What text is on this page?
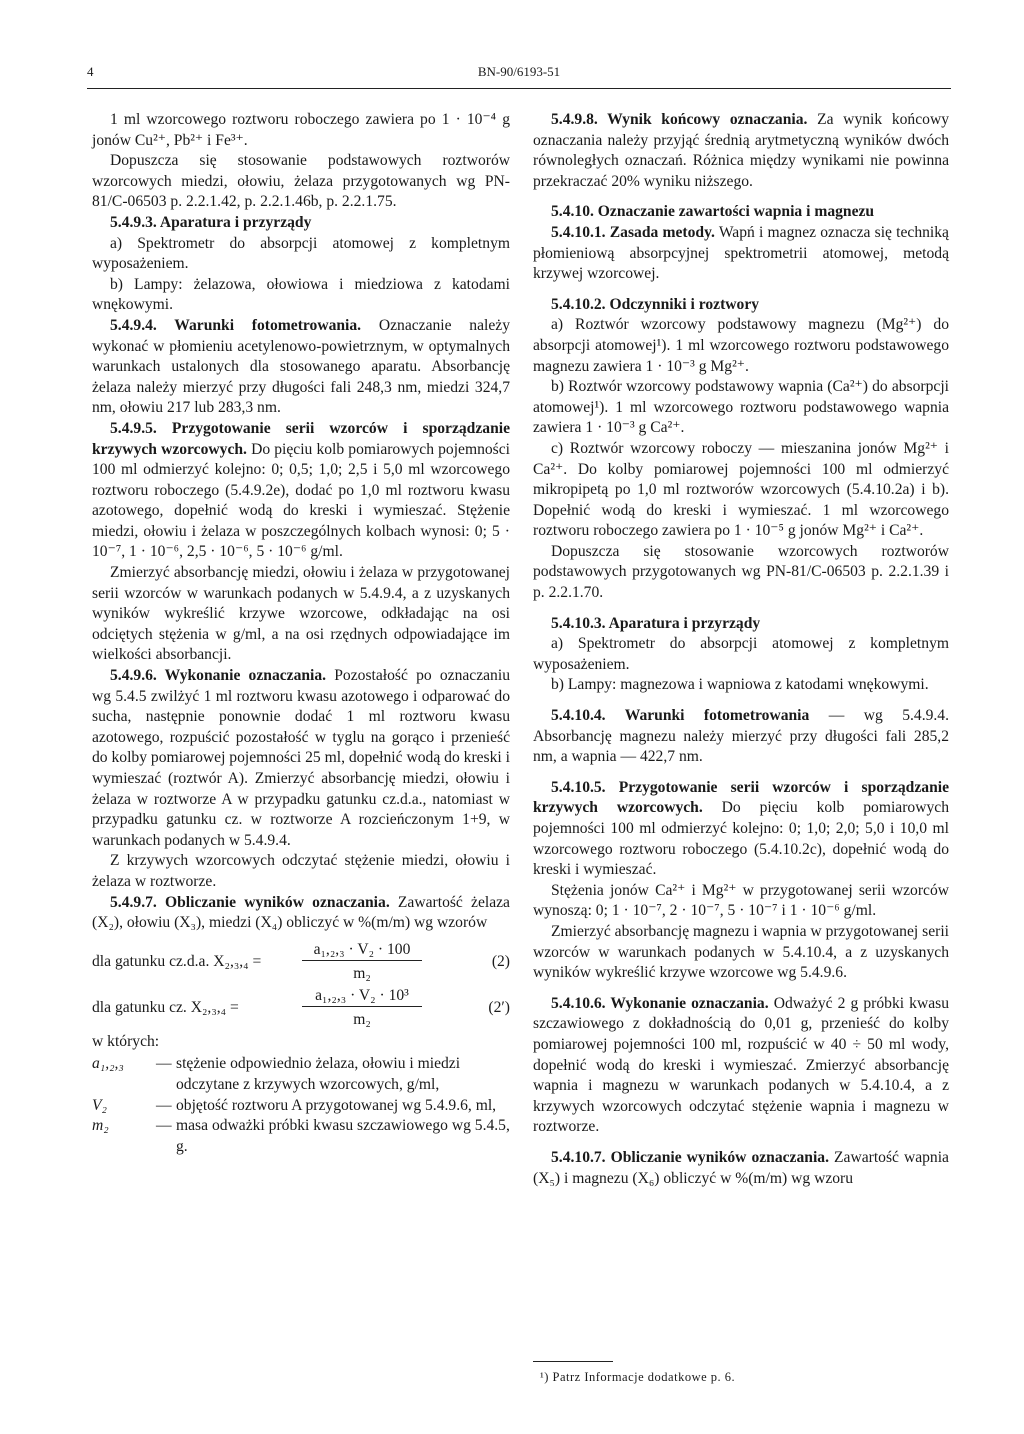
4	BN-90/6193-51

1 ml wzorcowego roztworu roboczego zawiera po 1 · 10⁻⁴ g jonów Cu²⁺, Pb²⁺ i Fe³⁺.

Dopuszcza się stosowanie podstawowych roztworów wzorcowych miedzi, ołowiu, żelaza przygotowanych wg PN-81/C-06503 p. 2.2.1.42, p. 2.2.1.46b, p. 2.2.1.75.

5.4.9.3. Aparatura i przyrządy

a) Spektrometr do absorpcji atomowej z kompletnym wyposażeniem.

b) Lampy: żelazowa, ołowiowa i miedziowa z katodami wnękowymi.

5.4.9.4. Warunki fotometrowania. Oznaczanie należy wykonać w płomieniu acetylenowo-powietrznym, w optymalnych warunkach ustalonych dla stosowanego aparatu. Absorbancję żelaza należy mierzyć przy długości fali 248,3 nm, miedzi 324,7 nm, ołowiu 217 lub 283,3 nm.

5.4.9.5. Przygotowanie serii wzorców i sporządzanie krzywych wzorcowych. Do pięciu kolb pomiarowych pojemności 100 ml odmierzyć kolejno: 0; 0,5; 1,0; 2,5 i 5,0 ml wzorcowego roztworu roboczego (5.4.9.2e), dodać po 1,0 ml roztworu kwasu azotowego, dopełnić wodą do kreski i wymieszać. Stężenie miedzi, ołowiu i żelaza w poszczególnych kolbach wynosi: 0; 5 · 10⁻⁷, 1 · 10⁻⁶, 2,5 · 10⁻⁶, 5 · 10⁻⁶ g/ml.

Zmierzyć absorbancję miedzi, ołowiu i żelaza w przygotowanej serii wzorców w warunkach podanych w 5.4.9.4, a z uzyskanych wyników wykreślić krzywe wzorcowe, odkładając na osi odciętych stężenia w g/ml, a na osi rzędnych odpowiadające im wielkości absorbancji.

5.4.9.6. Wykonanie oznaczania. Pozostałość po oznaczaniu wg 5.4.5 zwilżyć 1 ml roztworu kwasu azotowego i odparować do sucha, następnie ponownie dodać 1 ml roztworu kwasu azotowego, rozpuścić pozostałość w tyglu na gorąco i przenieść do kolby pomiarowej pojemności 25 ml, dopełnić wodą do kreski i wymieszać (roztwór A). Zmierzyć absorbancję miedzi, ołowiu i żelaza w roztworze A w przypadku gatunku cz.d.a., natomiast w przypadku gatunku cz. w roztworze A rozcieńczonym 1+9, w warunkach podanych w 5.4.9.4.

Z krzywych wzorcowych odczytać stężenie miedzi, ołowiu i żelaza w roztworze.

5.4.9.7. Obliczanie wyników oznaczania. Zawartość żelaza (X₂), ołowiu (X₃), miedzi (X₄) obliczyć w %(m/m) wg wzorów

dla gatunku cz.d.a. X₂,₃,₄ =
a₁,₂,₃ · V₂ · 100
m₂
(2)
dla gatunku cz. X₂,₃,₄ =
a₁,₂,₃ · V₂ · 10³
m₂
(2′)

w których:

a₁,₂,₃	— stężenie odpowiednio żelaza, ołowiu i miedzi odczytane z krzywych wzorcowych, g/ml,
V₂	— objętość roztworu A przygotowanej wg 5.4.9.6, ml,
m₂	— masa odważki próbki kwasu szczawiowego wg 5.4.5, g.

5.4.9.8. Wynik końcowy oznaczania. Za wynik końcowy oznaczania należy przyjąć średnią arytmetyczną wyników dwóch równoległych oznaczań. Różnica między wynikami nie powinna przekraczać 20% wyniku niższego.

5.4.10. Oznaczanie zawartości wapnia i magnezu

5.4.10.1. Zasada metody. Wapń i magnez oznacza się techniką płomieniową absorpcyjnej spektrometrii atomowej, metodą krzywej wzorcowej.

5.4.10.2. Odczynniki i roztwory

a) Roztwór wzorcowy podstawowy magnezu (Mg²⁺) do absorpcji atomowej¹). 1 ml wzorcowego roztworu podstawowego magnezu zawiera 1 · 10⁻³ g Mg²⁺.

b) Roztwór wzorcowy podstawowy wapnia (Ca²⁺) do absorpcji atomowej¹). 1 ml wzorcowego roztworu podstawowego wapnia zawiera 1 · 10⁻³ g Ca²⁺.

c) Roztwór wzorcowy roboczy — mieszanina jonów Mg²⁺ i Ca²⁺. Do kolby pomiarowej pojemności 100 ml odmierzyć mikropipetą po 1,0 ml roztworów wzorcowych (5.4.10.2a) i b). Dopełnić wodą do kreski i wymieszać. 1 ml wzorcowego roztworu roboczego zawiera po 1 · 10⁻⁵ g jonów Mg²⁺ i Ca²⁺.

Dopuszcza się stosowanie wzorcowych roztworów podstawowych przygotowanych wg PN-81/C-06503 p. 2.2.1.39 i p. 2.2.1.70.

5.4.10.3. Aparatura i przyrządy

a) Spektrometr do absorpcji atomowej z kompletnym wyposażeniem.

b) Lampy: magnezowa i wapniowa z katodami wnękowymi.

5.4.10.4. Warunki fotometrowania — wg 5.4.9.4. Absorbancję magnezu należy mierzyć przy długości fali 285,2 nm, a wapnia — 422,7 nm.

5.4.10.5. Przygotowanie serii wzorców i sporządzanie krzywych wzorcowych. Do pięciu kolb pomiarowych pojemności 100 ml odmierzyć kolejno: 0; 1,0; 2,0; 5,0 i 10,0 ml wzorcowego roztworu roboczego (5.4.10.2c), dopełnić wodą do kreski i wymieszać.

Stężenia jonów Ca²⁺ i Mg²⁺ w przygotowanej serii wzorców wynoszą: 0; 1 · 10⁻⁷, 2 · 10⁻⁷, 5 · 10⁻⁷ i 1 · 10⁻⁶ g/ml.

Zmierzyć absorbancję magnezu i wapnia w przygotowanej serii wzorców w warunkach podanych w 5.4.10.4, a z uzyskanych wyników wykreślić krzywe wzorcowe wg 5.4.9.6.

5.4.10.6. Wykonanie oznaczania. Odważyć 2 g próbki kwasu szczawiowego z dokładnością do 0,01 g, przenieść do kolby pomiarowej pojemności 100 ml, rozpuścić w 40 ÷ 50 ml wody, dopełnić wodą do kreski i wymieszać. Zmierzyć absorbancję wapnia i magnezu w warunkach podanych w 5.4.10.4, a z krzywych wzorcowych odczytać stężenie wapnia i magnezu w roztworze.

5.4.10.7. Obliczanie wyników oznaczania. Zawartość wapnia (X₅) i magnezu (X₆) obliczyć w %(m/m) wg wzoru

¹) Patrz Informacje dodatkowe p. 6.
